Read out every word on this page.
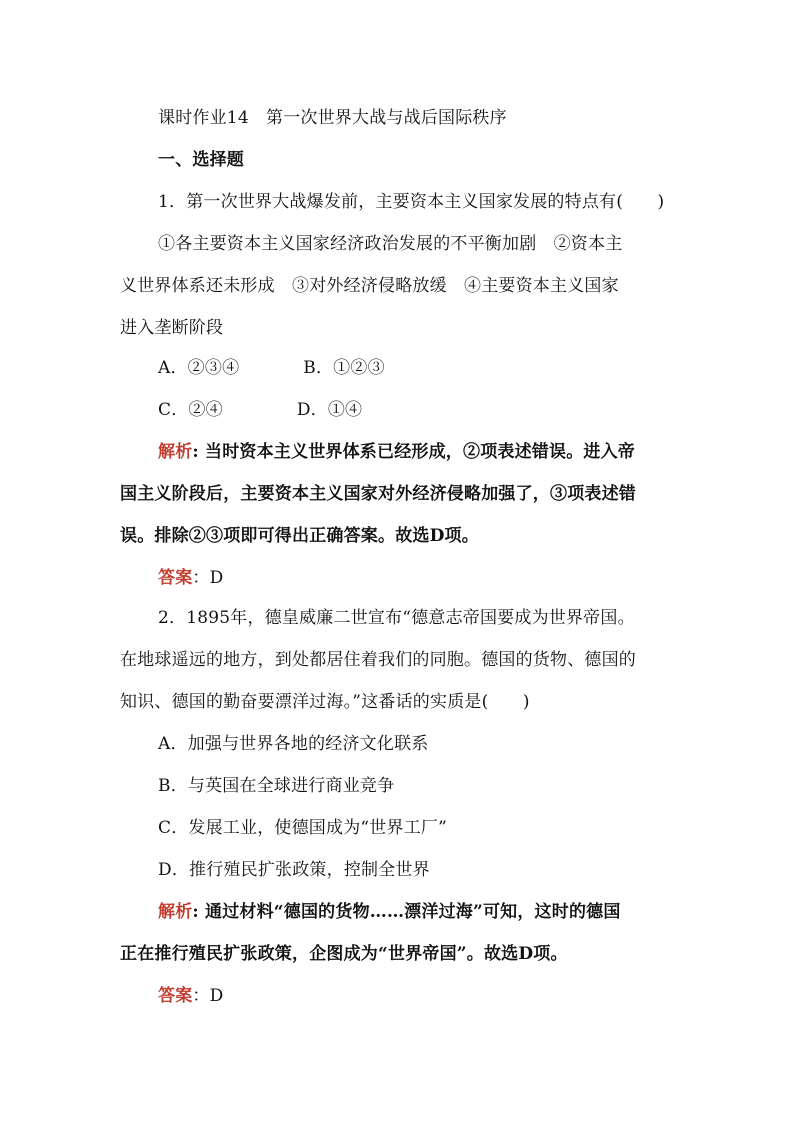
课时作业14　第一次世界大战与战后国际秩序
一、选择题
1．第一次世界大战爆发前，主要资本主义国家发展的特点有(　　)
①各主要资本主义国家经济政治发展的不平衡加剧　②资本主
义世界体系还未形成　③对外经济侵略放缓　④主要资本主义国家
进入垄断阶段
A．②③④	B．①②③
C．②④	D．①④
解析: 当时资本主义世界体系已经形成，②项表述错误。进入帝
国主义阶段后，主要资本主义国家对外经济侵略加强了，③项表述错
误。排除②③项即可得出正确答案。故选D项。
答案：D
2．1895年，德皇威廉二世宣布“德意志帝国要成为世界帝国。
在地球遥远的地方，到处都居住着我们的同胞。德国的货物、德国的
知识、德国的勤奋要漂洋过海。”这番话的实质是(　　)
A．加强与世界各地的经济文化联系
B．与英国在全球进行商业竞争
C．发展工业，使德国成为“世界工厂”
D．推行殖民扩张政策，控制全世界
解析: 通过材料“德国的货物……漂洋过海”可知，这时的德国
正在推行殖民扩张政策，企图成为“世界帝国”。故选D项。
答案：D
